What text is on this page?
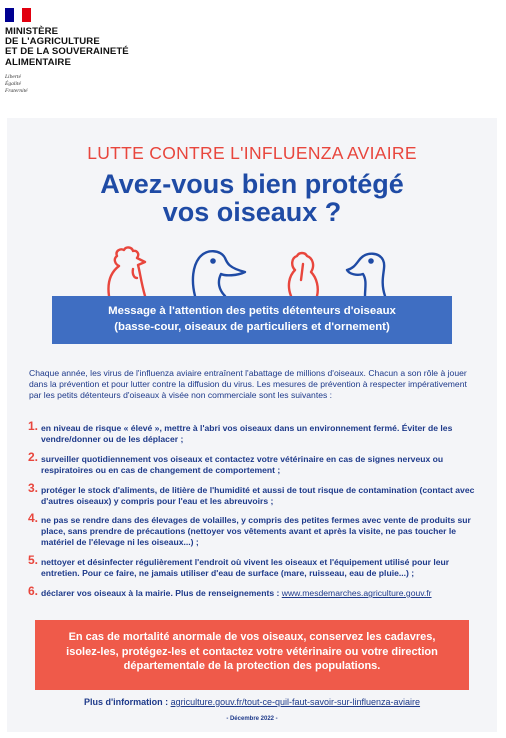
MINISTÈRE
DE L'AGRICULTURE
ET DE LA SOUVERAINETÉ
ALIMENTAIRE
Liberté
Égalité
Fraternité
LUTTE CONTRE L'INFLUENZA AVIAIRE
Avez-vous bien protégé
vos oiseaux ?
Message à l'attention des petits détenteurs d'oiseaux
(basse-cour, oiseaux de particuliers et d'ornement)

Chaque année, les virus de l'influenza aviaire entraînent l'abattage de millions d'oiseaux. Chacun a son rôle à jouer dans la prévention et pour lutter contre la diffusion du virus. Les mesures de prévention à respecter impérativement par les petits détenteurs d'oiseaux à visée non commerciale sont les suivantes :

1. en niveau de risque « élevé », mettre à l'abri vos oiseaux dans un environnement fermé. Éviter de les vendre/donner ou de les déplacer ;
2. surveiller quotidiennement vos oiseaux et contactez votre vétérinaire en cas de signes nerveux ou respiratoires ou en cas de changement de comportement ;
3. protéger le stock d'aliments, de litière de l'humidité et aussi de tout risque de contamination (contact avec d'autres oiseaux) y compris pour l'eau et les abreuvoirs ;
4. ne pas se rendre dans des élevages de volailles, y compris des petites fermes avec vente de produits sur place, sans prendre de précautions (nettoyer vos vêtements avant et après la visite, ne pas toucher le matériel de l'élevage ni les oiseaux...) ;
5. nettoyer et désinfecter régulièrement l'endroit où vivent les oiseaux et l'équipement utilisé pour leur entretien. Pour ce faire, ne jamais utiliser d'eau de surface (mare, ruisseau, eau de pluie...) ;
6. déclarer vos oiseaux à la mairie. Plus de renseignements : www.mesdemarches.agriculture.gouv.fr
En cas de mortalité anormale de vos oiseaux, conservez les cadavres,
isolez-les, protégez-les et contactez votre vétérinaire ou votre direction
départementale de la protection des populations.
Plus d'information : agriculture.gouv.fr/tout-ce-quil-faut-savoir-sur-linfluenza-aviaire
- Décembre 2022 -
